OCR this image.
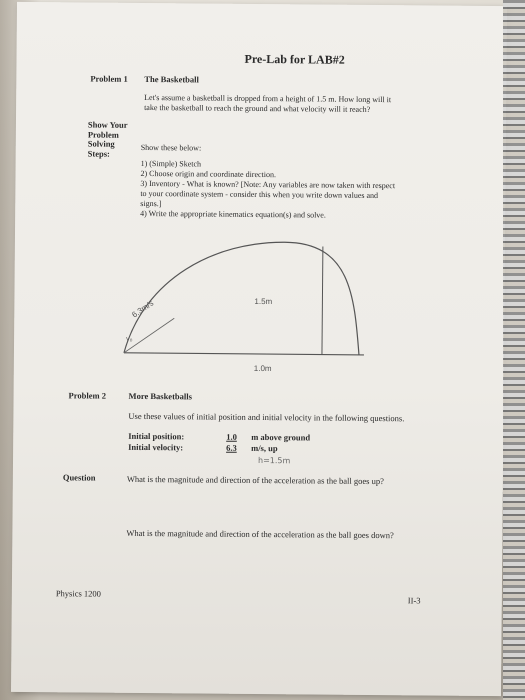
Pre-Lab for LAB#2
Problem 1 The Basketball
Let's assume a basketball is dropped from a height of 1.5 m. How long will it
take the basketball to reach the ground and what velocity will it reach?
Show Your
Problem
Solving
Steps:
Show these below:
1) (Simple) Sketch
2) Choose origin and coordinate direction.
3) Inventory - What is known? [Note: Any variables are now taken with respect
to your coordinate system - consider this when you write down values and
signs.]
4) Write the appropriate kinematics equation(s) and solve.
1.5m
6.3m/s
1.0m
v₀
Problem 2	More Basketballs
Use these values of initial position and initial velocity in the following questions.
Initial position:	1.0 m above ground
Initial velocity:	6.3 m/s, up
h=1.5m
Question	What is the magnitude and direction of the acceleration as the ball goes up?
What is the magnitude and direction of the acceleration as the ball goes down?
Physics 1200
II-3
